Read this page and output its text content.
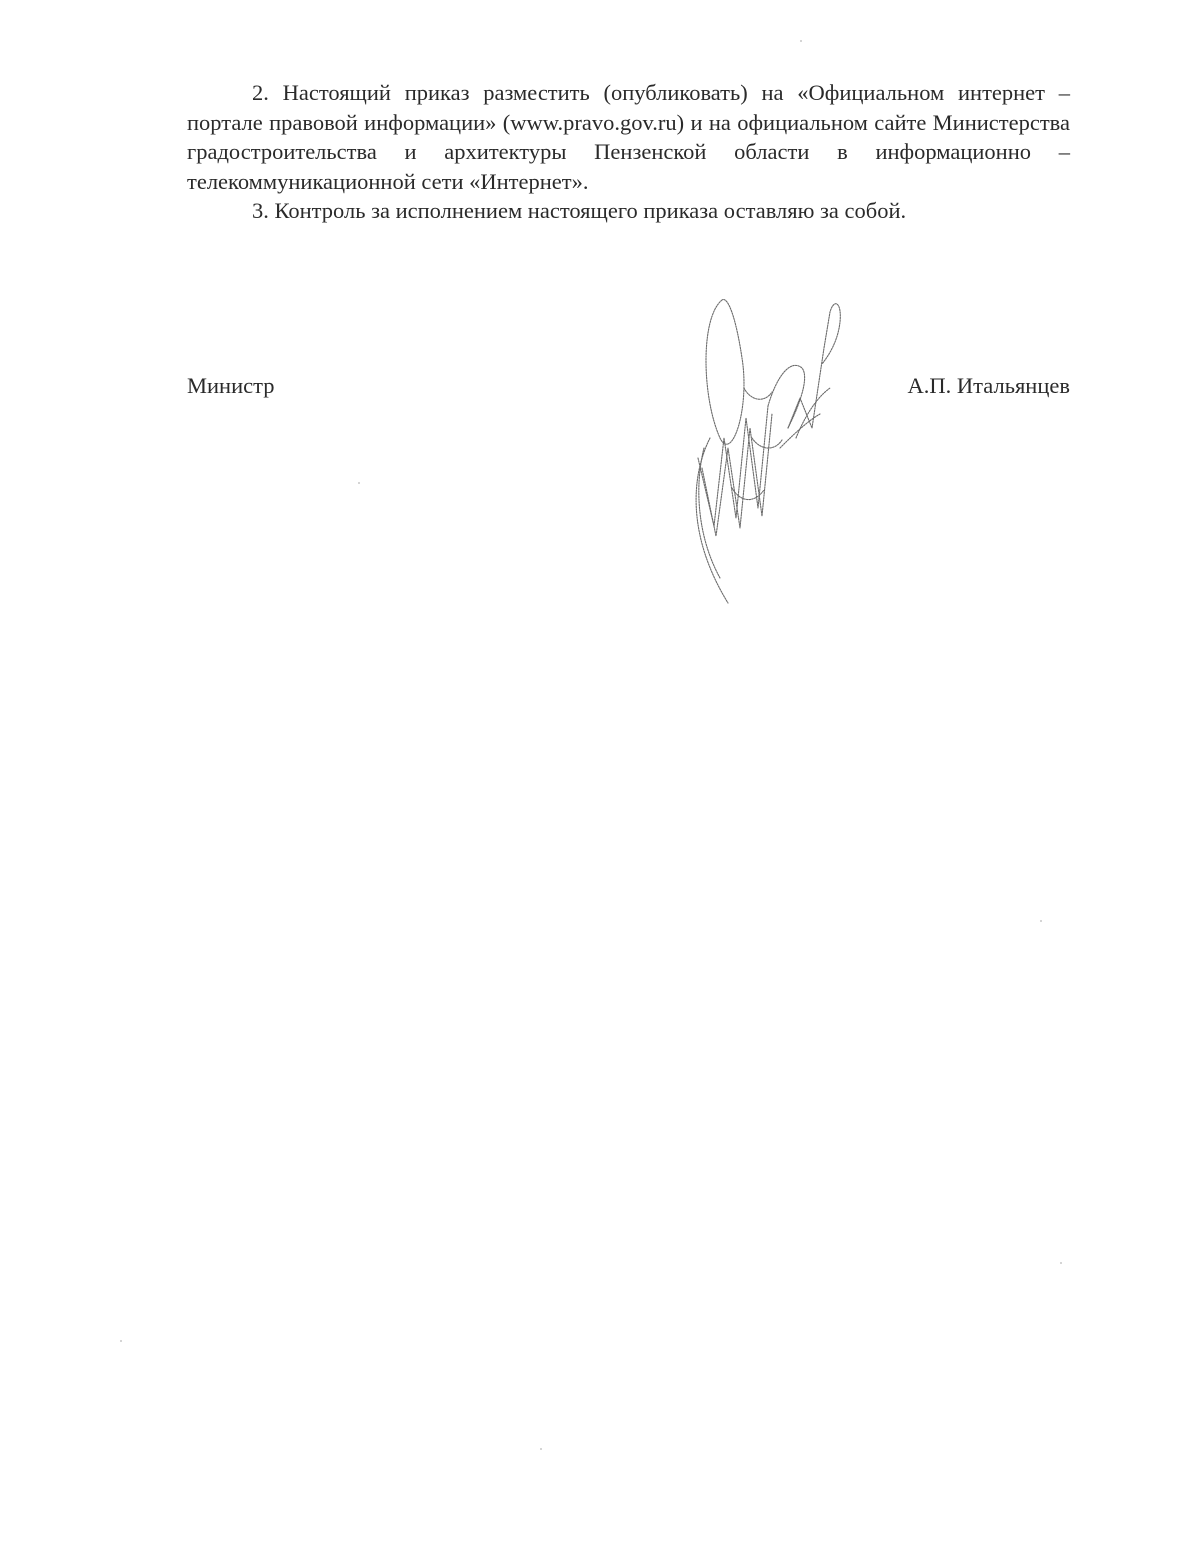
2. Настоящий приказ разместить (опубликовать) на «Официальном интернет – портале правовой информации» (www.pravo.gov.ru) и на официальном сайте Министерства градостроительства и архитектуры Пензенской области в информационно – телекоммуникационной сети «Интернет».

3. Контроль за исполнением настоящего приказа оставляю за собой.

Министр	А.П. Итальянцев
